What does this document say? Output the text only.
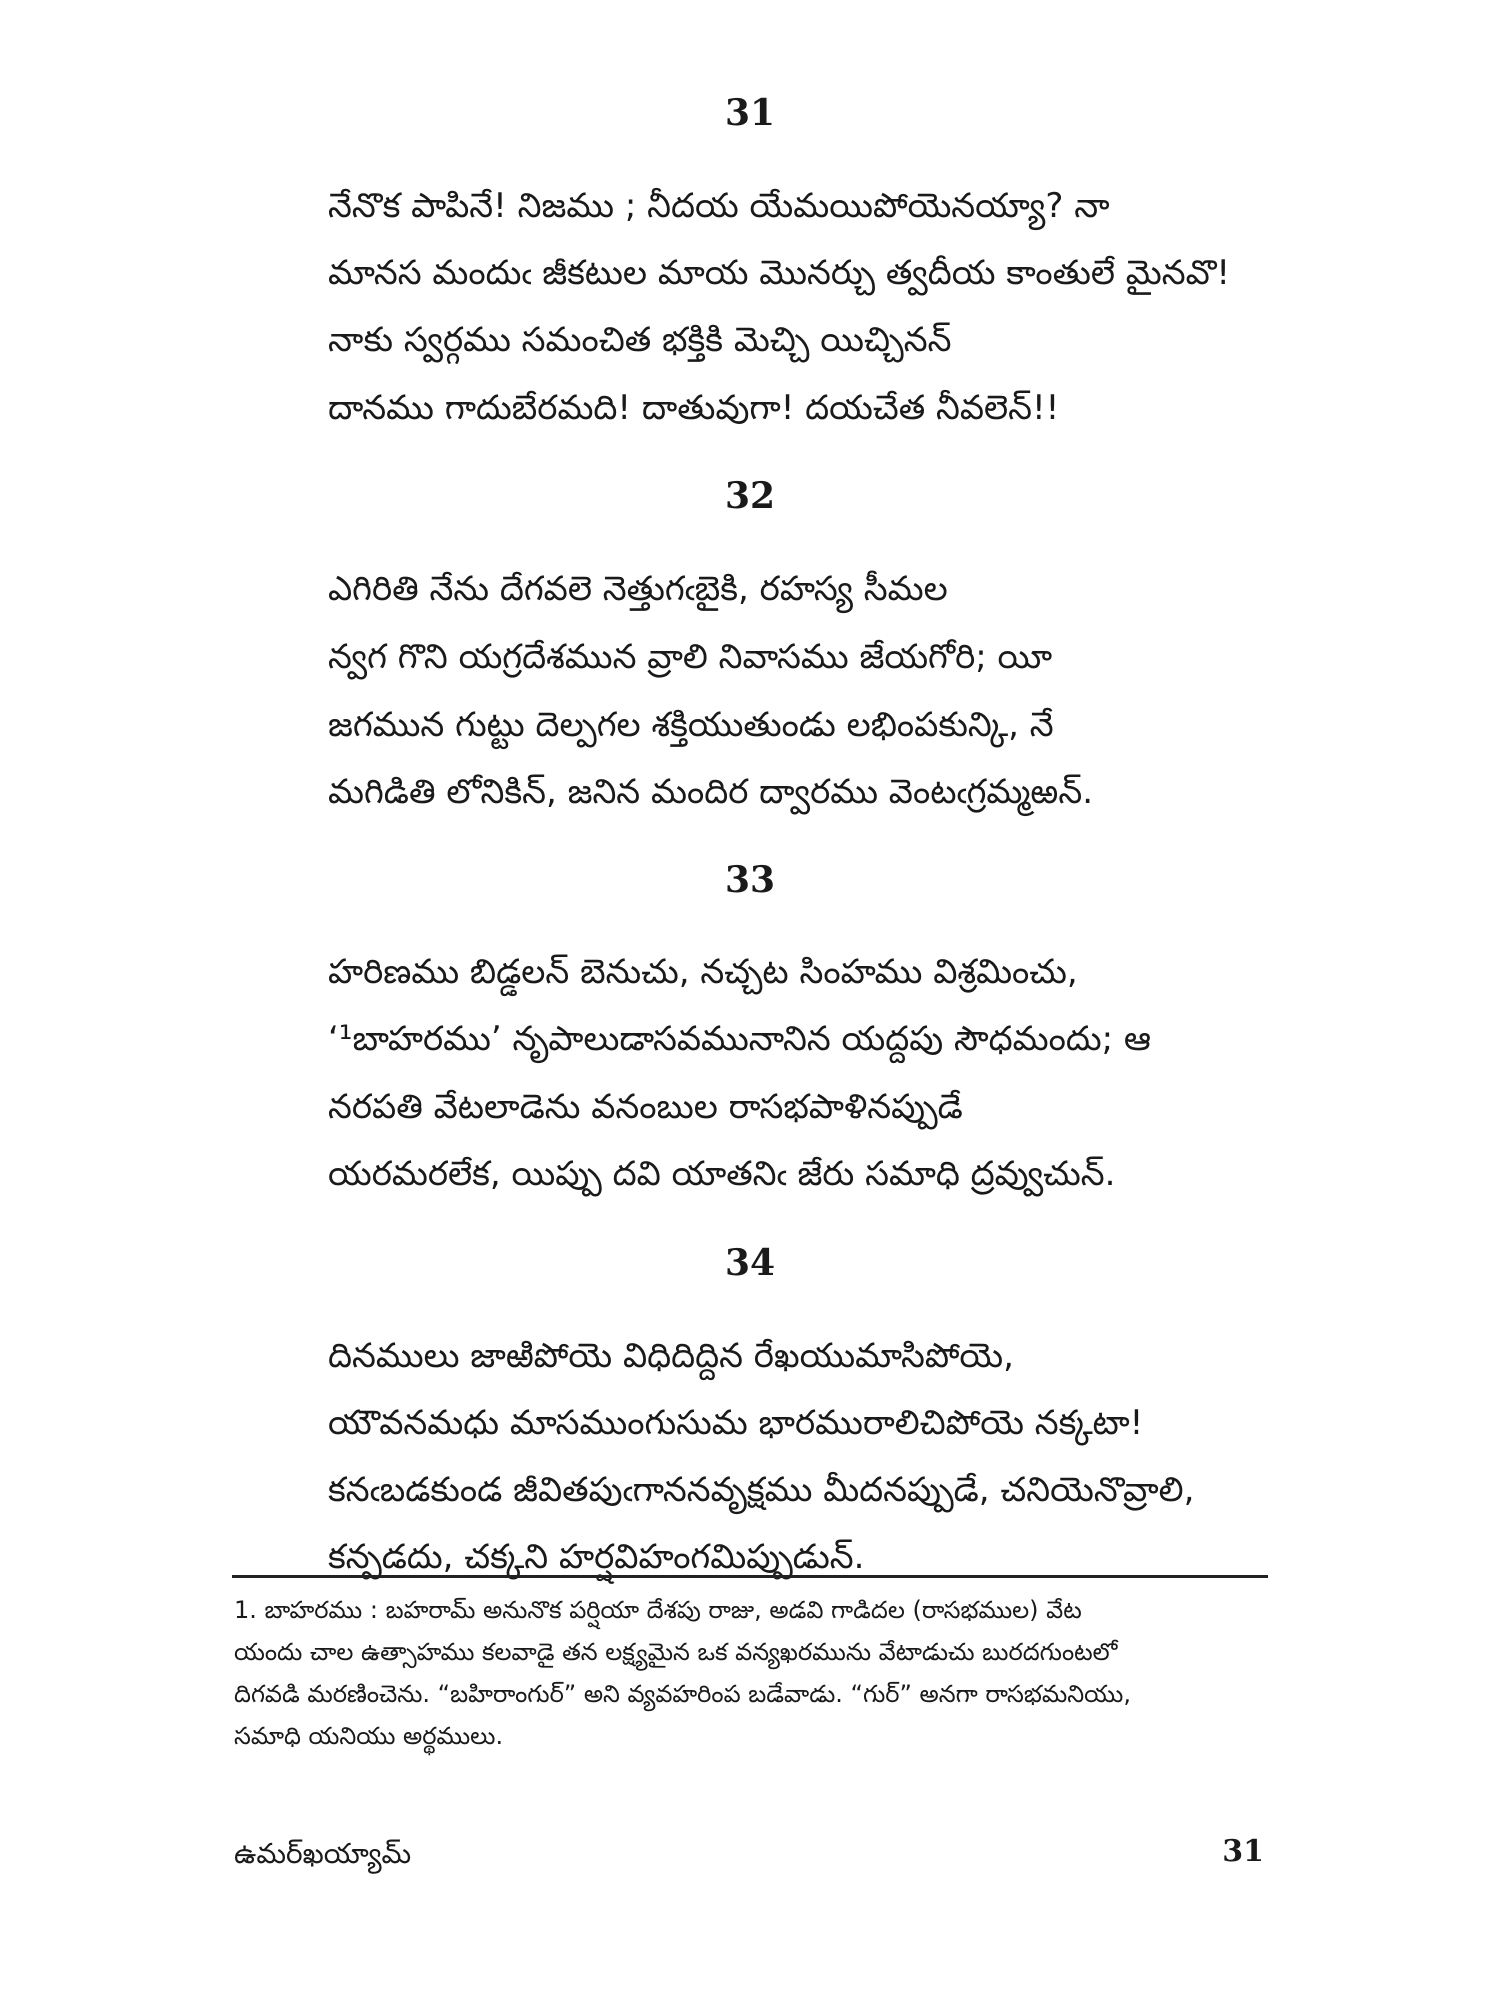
31
నేనొక పాపినే! నిజము ; నీదయ యేమయిపోయెనయ్యా? నా
మానస మందుఁ జీకటుల మాయ మొనర్చు త్వదీయ కాంతులే మైనవొ!
నాకు స్వర్గము సమంచిత భక్తికి మెచ్చి యిచ్చినన్
దానము గాదుబేరమది! దాతువుగా! దయచేత నీవలెన్!!
32
ఎగిరితి నేను దేగవలె నెత్తుగఁబైకి, రహస్య సీమల
న్వగ గొని యగ్రదేశమున వ్రాలి నివాసము జేయగోరి; యీ
జగమున గుట్టు దెల్పగల శక్తియుతుండు లభింపకున్కి, నే
మగిడితి లోనికిన్, జనిన మందిర ద్వారము వెంటఁగ్రమ్మఱన్.
33
హరిణము బిడ్డలన్ బెనుచు, నచ్చట సింహము విశ్రమించు,
‘¹బాహరము’ నృపాలుడాసవమునానిన యద్దపు సౌధమందు; ఆ
నరపతి వేటలాడెను వనంబుల రాసభపాళినప్పుడే
యరమరలేక, యిప్పు దవి యాతనిఁ జేరు సమాధి ద్రవ్వుచున్.
34
దినములు జాఱిపోయె విధిదిద్దిన రేఖయుమాసిపోయె,
యౌవనమధు మాసముంగుసుమ భారమురాలిచిపోయె నక్కటా!
కనఁబడకుండ జీవితపుఁగాననవృక్షము మీదనప్పుడే, చనియెనొవ్రాలి,
కన్పడదు, చక్కని హర్షవిహంగమిప్పుడున్.
1. బాహరము : బహరామ్ అనునొక పర్షియా దేశపు రాజు, అడవి గాడిదల (రాసభముల) వేట
యందు చాల ఉత్సాహము కలవాడై తన లక్ష్యమైన ఒక వన్యఖరమును వేటాడుచు బురదగుంటలో
దిగవడి మరణించెను. “బహిరాంగుర్” అని వ్యవహరింప బడేవాడు. “గుర్” అనగా రాసభమనియు,
సమాధి యనియు అర్థములు.
ఉమర్‌ఖయ్యామ్	31
